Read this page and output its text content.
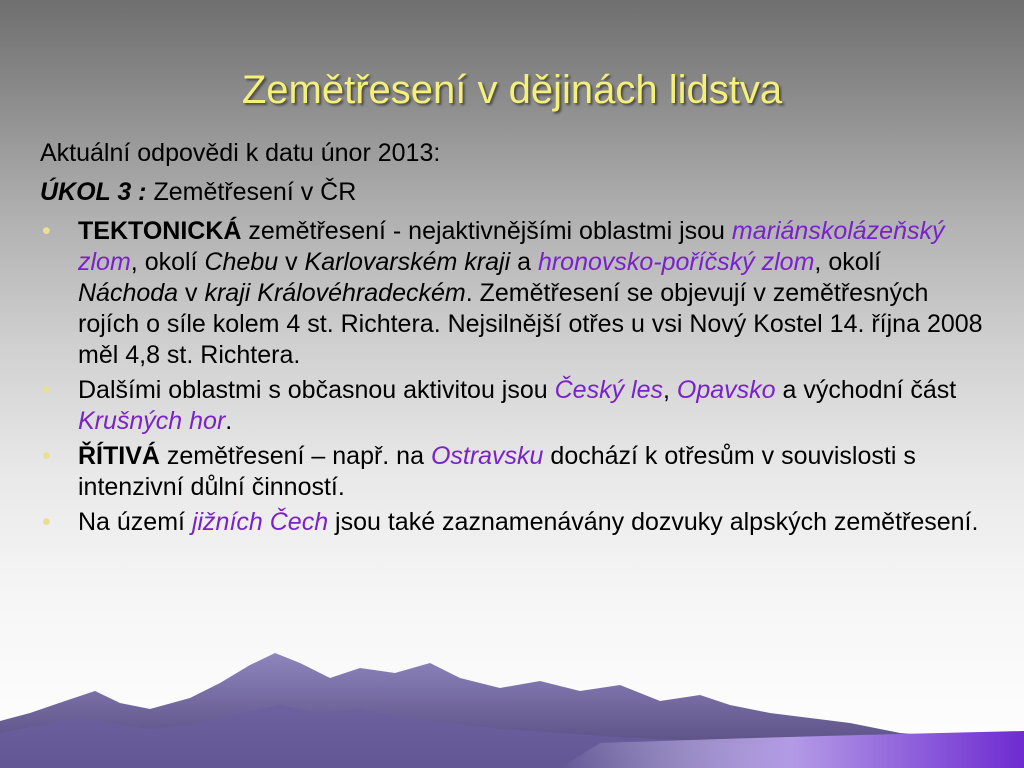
Zemětřesení v dějinách lidstva

Aktuální odpovědi k datu únor 2013:

ÚKOL 3 : Zemětřesení v ČR

• TEKTONICKÁ zemětřesení - nejaktivnějšími oblastmi jsou mariánskolázeňský zlom, okolí Chebu v Karlovarském kraji a hronovsko-poříčský zlom, okolí Náchoda v kraji Královéhradeckém. Zemětřesení se objevují v zemětřesných rojích o síle kolem 4 st. Richtera. Nejsilnější otřes u vsi Nový Kostel 14. října 2008 měl 4,8 st. Richtera.
• Dalšími oblastmi s občasnou aktivitou jsou Český les, Opavsko a východní část Krušných hor.
• ŘÍTIVÁ zemětřesení – např. na Ostravsku dochází k otřesům v souvislosti s intenzivní důlní činností.
• Na území jižních Čech jsou také zaznamenávány dozvuky alpských zemětřesení.
